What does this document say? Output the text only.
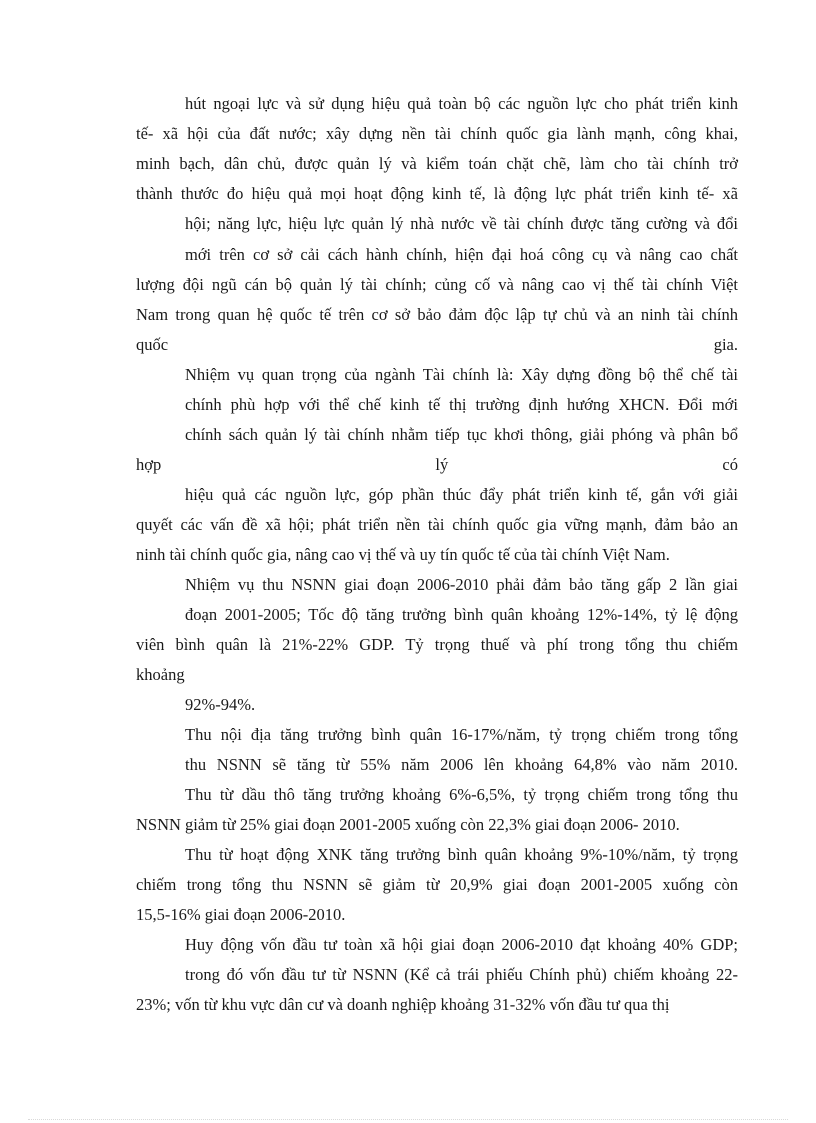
hút ngoại lực và sử dụng hiệu quả toàn bộ các nguồn lực cho phát triển kinh
tế- xã hội của đất nước; xây dựng nền tài chính quốc gia lành mạnh, công khai,
minh bạch, dân chủ, được quản lý và kiểm toán chặt chẽ, làm cho tài chính trở
thành thước đo hiệu quả mọi hoạt động kinh tế, là động lực phát triển kinh tế- xã
hội; năng lực, hiệu lực quản lý nhà nước về tài chính được tăng cường và đổi
mới trên cơ sở cải cách hành chính, hiện đại hoá công cụ và nâng cao chất
lượng đội ngũ cán bộ quản lý tài chính; củng cố và nâng cao vị thế tài chính Việt
Nam trong quan hệ quốc tế trên cơ sở bảo đảm độc lập tự chủ và an ninh tài chính
quốc gia.
Nhiệm vụ quan trọng của ngành Tài chính là: Xây dựng đồng bộ thể chế tài
chính phù hợp với thể chế kinh tế thị trường định hướng XHCN. Đổi mới
chính sách quản lý tài chính nhằm tiếp tục khơi thông, giải phóng và phân bổ
hợp lý có
hiệu quả các nguồn lực, góp phần thúc đẩy phát triển kinh tế, gắn với giải
quyết các vấn đề xã hội; phát triển nền tài chính quốc gia vững mạnh, đảm bảo an
ninh tài chính quốc gia, nâng cao vị thế và uy tín quốc tế của tài chính Việt Nam.
Nhiệm vụ thu NSNN giai đoạn 2006-2010 phải đảm bảo tăng gấp 2 lần giai
đoạn 2001-2005; Tốc độ tăng trưởng bình quân khoảng 12%-14%, tỷ lệ động
viên bình quân là 21%-22% GDP. Tỷ trọng thuế và phí trong tổng thu chiếm
khoảng
92%-94%.
Thu nội địa tăng trưởng bình quân 16-17%/năm, tỷ trọng chiếm trong tổng
thu NSNN sẽ tăng từ 55% năm 2006 lên khoảng 64,8% vào năm 2010.
Thu từ dầu thô tăng trưởng khoảng 6%-6,5%, tỷ trọng chiếm trong tổng thu
NSNN giảm từ 25% giai đoạn 2001-2005 xuống còn 22,3% giai đoạn 2006- 2010.
Thu từ hoạt động XNK tăng trưởng bình quân khoảng 9%-10%/năm, tỷ trọng
chiếm trong tổng thu NSNN sẽ giảm từ 20,9% giai đoạn 2001-2005 xuống còn
15,5-16% giai đoạn 2006-2010.
Huy động vốn đầu tư toàn xã hội giai đoạn 2006-2010 đạt khoảng 40% GDP;
trong đó vốn đầu tư từ NSNN (Kể cả trái phiếu Chính phủ) chiếm khoảng 22-
23%; vốn từ khu vực dân cư và doanh nghiệp khoảng 31-32% vốn đầu tư qua thị
